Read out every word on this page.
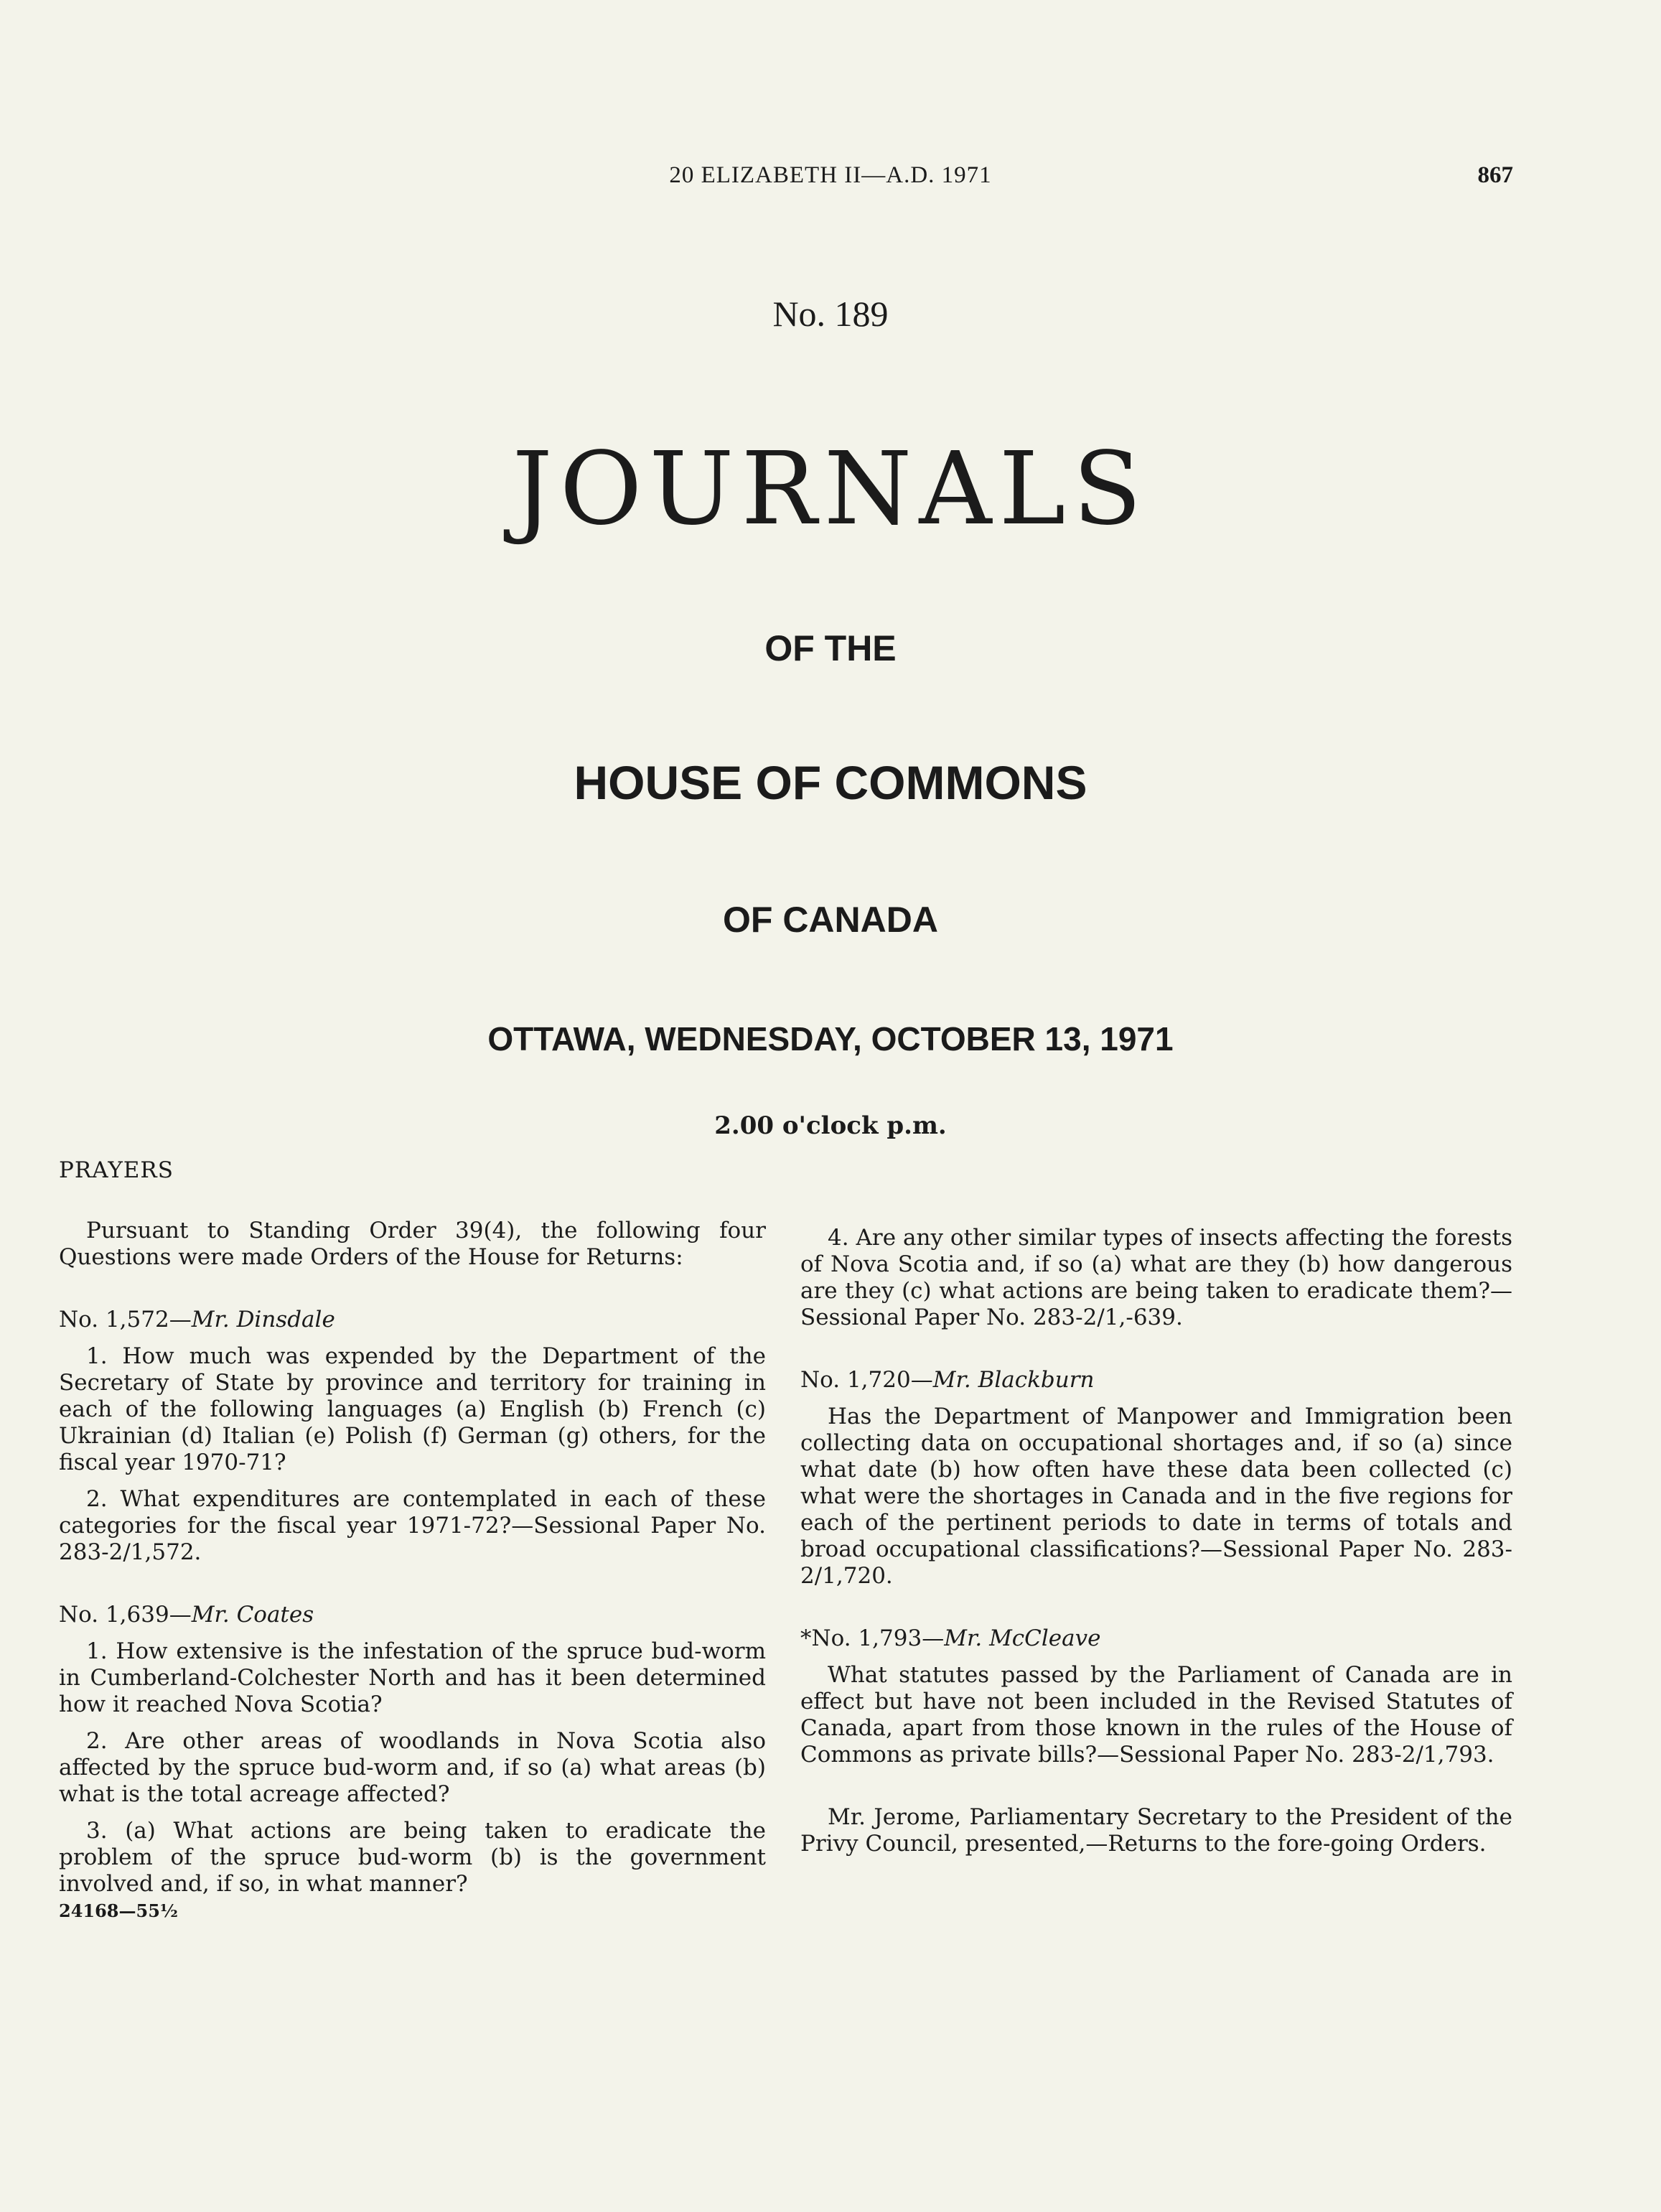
20 ELIZABETH II—A.D. 1971	867
No. 189
JOURNALS
OF THE
HOUSE OF COMMONS
OF CANADA
OTTAWA, WEDNESDAY, OCTOBER 13, 1971
2.00 o'clock p.m.
PRAYERS

Pursuant to Standing Order 39(4), the following four Questions were made Orders of the House for Returns:

No. 1,572—Mr. Dinsdale

1. How much was expended by the Department of the Secretary of State by province and territory for training in each of the following languages (a) English (b) French (c) Ukrainian (d) Italian (e) Polish (f) German (g) others, for the fiscal year 1970-71?

2. What expenditures are contemplated in each of these categories for the fiscal year 1971-72?—Sessional Paper No. 283-2/1,572.

No. 1,639—Mr. Coates

1. How extensive is the infestation of the spruce bud-worm in Cumberland-Colchester North and has it been determined how it reached Nova Scotia?

2. Are other areas of woodlands in Nova Scotia also affected by the spruce bud-worm and, if so (a) what areas (b) what is the total acreage affected?

3. (a) What actions are being taken to eradicate the problem of the spruce bud-worm (b) is the government involved and, if so, in what manner?

24168—55½

4. Are any other similar types of insects affecting the forests of Nova Scotia and, if so (a) what are they (b) how dangerous are they (c) what actions are being taken to eradicate them?—Sessional Paper No. 283-2/1,-639.

No. 1,720—Mr. Blackburn

Has the Department of Manpower and Immigration been collecting data on occupational shortages and, if so (a) since what date (b) how often have these data been collected (c) what were the shortages in Canada and in the five regions for each of the pertinent periods to date in terms of totals and broad occupational classifications?—Sessional Paper No. 283-2/1,720.

*No. 1,793—Mr. McCleave

What statutes passed by the Parliament of Canada are in effect but have not been included in the Revised Statutes of Canada, apart from those known in the rules of the House of Commons as private bills?—Sessional Paper No. 283-2/1,793.

Mr. Jerome, Parliamentary Secretary to the President of the Privy Council, presented,—Returns to the fore-going Orders.
